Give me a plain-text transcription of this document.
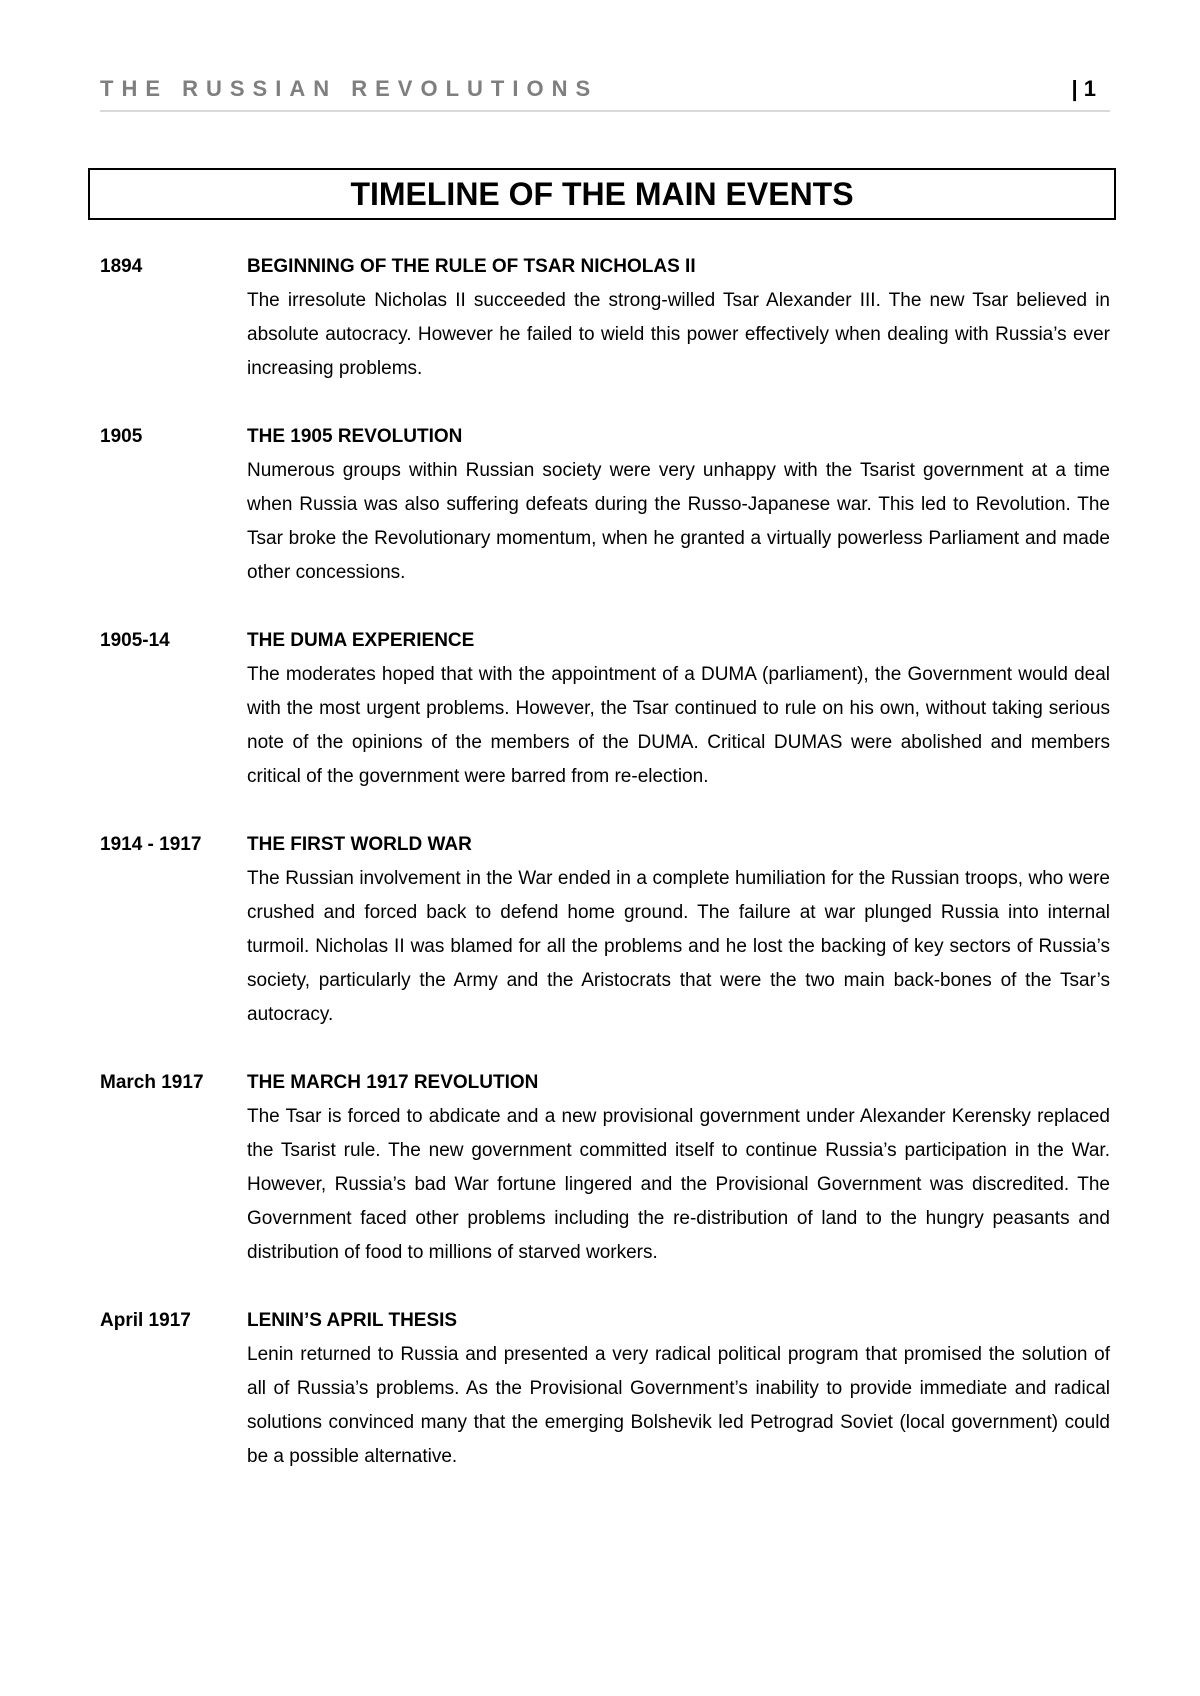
THE RUSSIAN REVOLUTIONS	| 1
TIMELINE OF THE MAIN EVENTS
1894	BEGINNING OF THE RULE OF TSAR NICHOLAS II

The irresolute Nicholas II succeeded the strong-willed Tsar Alexander III. The new Tsar believed in absolute autocracy. However he failed to wield this power effectively when dealing with Russia’s ever increasing problems.

1905	THE 1905 REVOLUTION

Numerous groups within Russian society were very unhappy with the Tsarist government at a time when Russia was also suffering defeats during the Russo-Japanese war. This led to Revolution. The Tsar broke the Revolutionary momentum, when he granted a virtually powerless Parliament and made other concessions.

1905-14	THE DUMA EXPERIENCE

The moderates hoped that with the appointment of a DUMA (parliament), the Government would deal with the most urgent problems. However, the Tsar continued to rule on his own, without taking serious note of the opinions of the members of the DUMA. Critical DUMAS were abolished and members critical of the government were barred from re-election.

1914 - 1917	THE FIRST WORLD WAR

The Russian involvement in the War ended in a complete humiliation for the Russian troops, who were crushed and forced back to defend home ground. The failure at war plunged Russia into internal turmoil. Nicholas II was blamed for all the problems and he lost the backing of key sectors of Russia’s society, particularly the Army and the Aristocrats that were the two main back-bones of the Tsar’s autocracy.

March 1917	THE MARCH 1917 REVOLUTION

The Tsar is forced to abdicate and a new provisional government under Alexander Kerensky replaced the Tsarist rule. The new government committed itself to continue Russia’s participation in the War. However, Russia’s bad War fortune lingered and the Provisional Government was discredited. The Government faced other problems including the re-distribution of land to the hungry peasants and distribution of food to millions of starved workers.

April 1917	LENIN’S APRIL THESIS

Lenin returned to Russia and presented a very radical political program that promised the solution of all of Russia’s problems. As the Provisional Government’s inability to provide immediate and radical solutions convinced many that the emerging Bolshevik led Petrograd Soviet (local government) could be a possible alternative.
